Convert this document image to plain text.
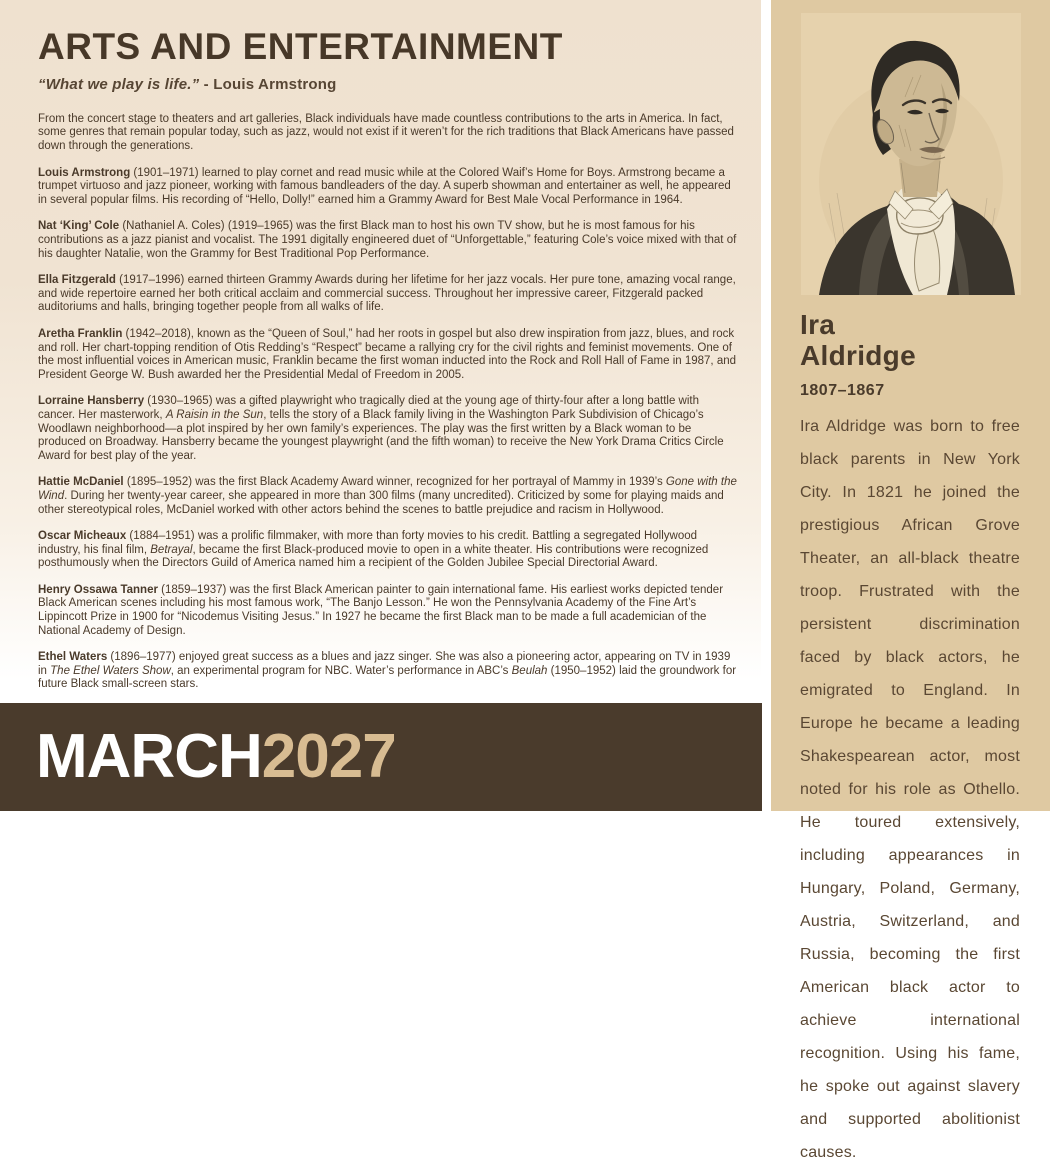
ARTS AND ENTERTAINMENT
“What we play is life.” - Louis Armstrong

From the concert stage to theaters and art galleries, Black individuals have made countless contributions to the arts in America. In fact, some genres that remain popular today, such as jazz, would not exist if it weren’t for the rich traditions that Black Americans have passed down through the generations.

Louis Armstrong (1901–1971) learned to play cornet and read music while at the Colored Waif’s Home for Boys. Armstrong became a trumpet virtuoso and jazz pioneer, working with famous bandleaders of the day. A superb showman and entertainer as well, he appeared in several popular films. His recording of “Hello, Dolly!” earned him a Grammy Award for Best Male Vocal Performance in 1964.

Nat ‘King’ Cole (Nathaniel A. Coles) (1919–1965) was the first Black man to host his own TV show, but he is most famous for his contributions as a jazz pianist and vocalist. The 1991 digitally engineered duet of “Unforgettable,” featuring Cole’s voice mixed with that of his daughter Natalie, won the Grammy for Best Traditional Pop Performance.

Ella Fitzgerald (1917–1996) earned thirteen Grammy Awards during her lifetime for her jazz vocals. Her pure tone, amazing vocal range, and wide repertoire earned her both critical acclaim and commercial success. Throughout her impressive career, Fitzgerald packed auditoriums and halls, bringing together people from all walks of life.

Aretha Franklin (1942–2018), known as the “Queen of Soul,” had her roots in gospel but also drew inspiration from jazz, blues, and rock and roll. Her chart-topping rendition of Otis Redding’s “Respect” became a rallying cry for the civil rights and feminist movements. One of the most influential voices in American music, Franklin became the first woman inducted into the Rock and Roll Hall of Fame in 1987, and President George W. Bush awarded her the Presidential Medal of Freedom in 2005.

Lorraine Hansberry (1930–1965) was a gifted playwright who tragically died at the young age of thirty-four after a long battle with cancer. Her masterwork, A Raisin in the Sun, tells the story of a Black family living in the Washington Park Subdivision of Chicago’s Woodlawn neighborhood—a plot inspired by her own family’s experiences. The play was the first written by a Black woman to be produced on Broadway. Hansberry became the youngest playwright (and the fifth woman) to receive the New York Drama Critics Circle Award for best play of the year.

Hattie McDaniel (1895–1952) was the first Black Academy Award winner, recognized for her portrayal of Mammy in 1939’s Gone with the Wind. During her twenty-year career, she appeared in more than 300 films (many uncredited). Criticized by some for playing maids and other stereotypical roles, McDaniel worked with other actors behind the scenes to battle prejudice and racism in Hollywood.

Oscar Micheaux (1884–1951) was a prolific filmmaker, with more than forty movies to his credit. Battling a segregated Hollywood industry, his final film, Betrayal, became the first Black-produced movie to open in a white theater. His contributions were recognized posthumously when the Directors Guild of America named him a recipient of the Golden Jubilee Special Directorial Award.

Henry Ossawa Tanner (1859–1937) was the first Black American painter to gain international fame. His earliest works depicted tender Black American scenes including his most famous work, “The Banjo Lesson.” He won the Pennsylvania Academy of the Fine Art’s Lippincott Prize in 1900 for “Nicodemus Visiting Jesus.” In 1927 he became the first Black man to be made a full academician of the National Academy of Design.

Ethel Waters (1896–1977) enjoyed great success as a blues and jazz singer. She was also a pioneering actor, appearing on TV in 1939 in The Ethel Waters Show, an experimental program for NBC. Water’s performance in ABC’s Beulah (1950–1952) laid the groundwork for future Black small-screen stars.

MARCH 2027
Ira
Aldridge
1807–1867
Ira Aldridge was born to free black parents in New York City. In 1821 he joined the prestigious African Grove Theater, an all-black theatre troop. Frustrated with the persistent discrimination faced by black actors, he emigrated to England. In Europe he became a leading Shakespearean actor, most noted for his role as Othello. He toured extensively, including appearances in Hungary, Poland, Germany, Austria, Switzerland, and Russia, becoming the first American black actor to achieve international recognition. Using his fame, he spoke out against slavery and supported abolitionist causes.
